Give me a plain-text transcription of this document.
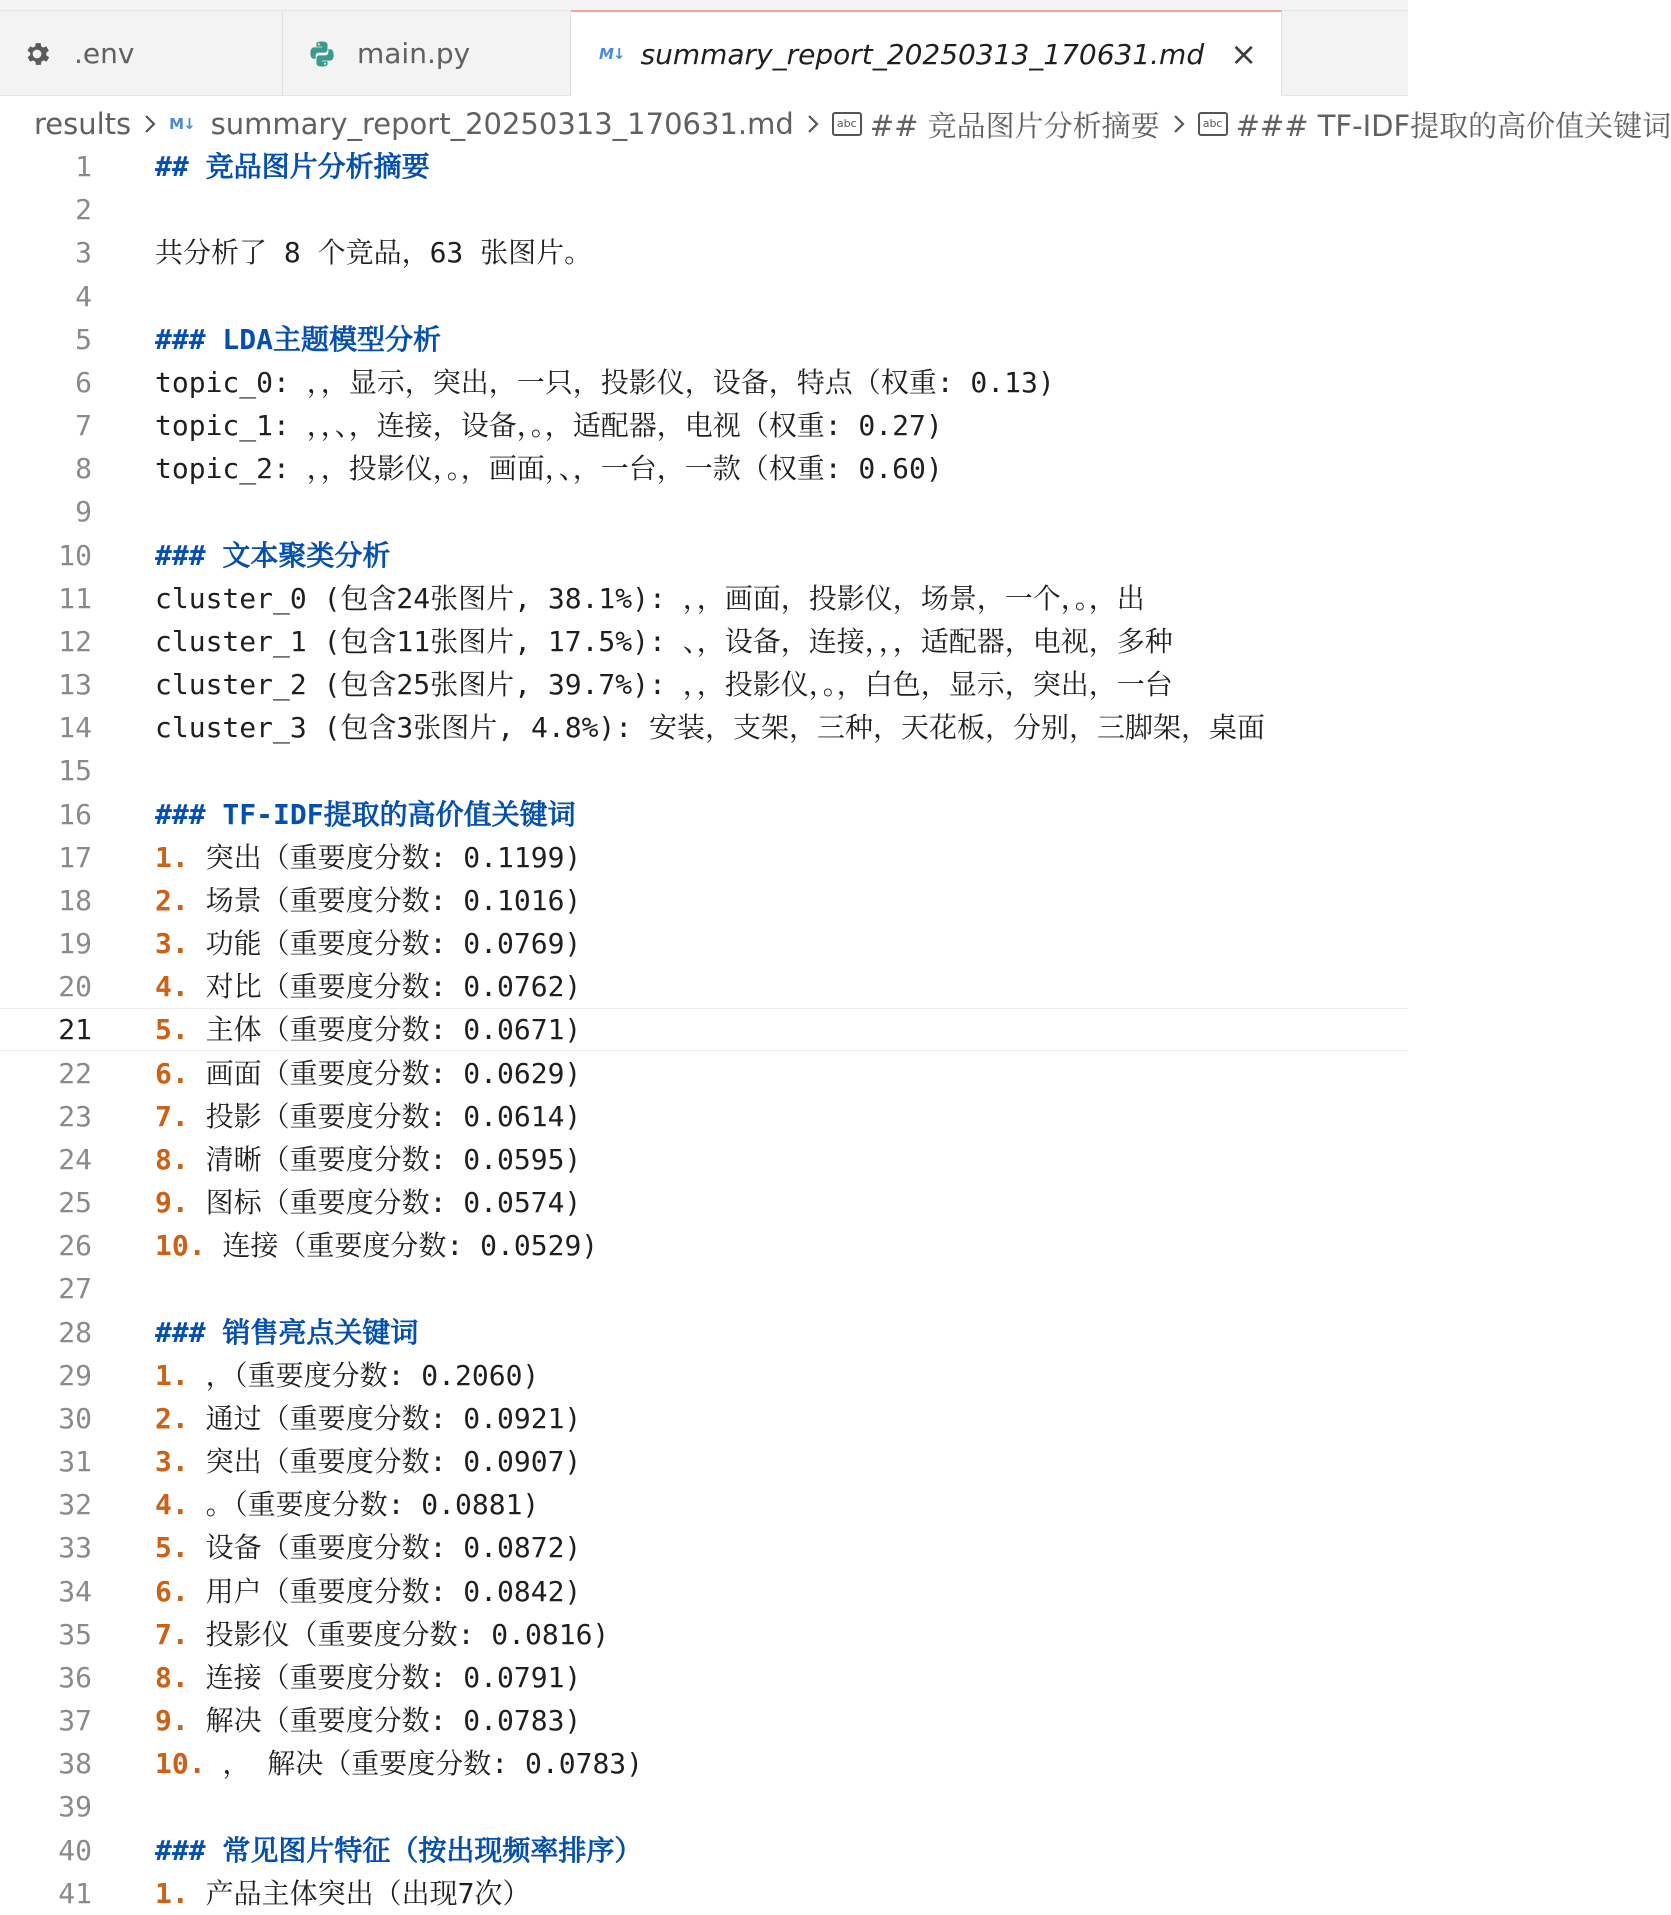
.env	main.py	M↓ summary_report_20250313_170631.md ×
results	M↓ summary_report_20250313_170631.md	abc ## 竞品图片分析摘要	abc ### TF-IDF提取的高价值关键词
1 ## 竞品图片分析摘要
2
3 共分析了 8 个竞品，63 张图片。
4
5 ### LDA主题模型分析
6 topic_0: ，，显示，突出，一只，投影仪，设备，特点（权重: 0.13)
7 topic_1: ，，、，连接，设备，。，适配器，电视（权重: 0.27)
8 topic_2: ，，投影仪，。，画面，、，一台，一款（权重: 0.60)
9
10 ### 文本聚类分析
11 cluster_0 (包含24张图片, 38.1%): ，，画面，投影仪，场景，一个，。，出
12 cluster_1 (包含11张图片, 17.5%): 、，设备，连接，，，适配器，电视，多种
13 cluster_2 (包含25张图片, 39.7%): ，，投影仪，。，白色，显示，突出，一台
14 cluster_3 (包含3张图片, 4.8%): 安装，支架，三种，天花板，分别，三脚架，桌面
15
16 ### TF-IDF提取的高价值关键词
17 1. 突出（重要度分数: 0.1199)
18 2. 场景（重要度分数: 0.1016)
19 3. 功能（重要度分数: 0.0769)
20 4. 对比（重要度分数: 0.0762)
21 5. 主体（重要度分数: 0.0671)
22 6. 画面（重要度分数: 0.0629)
23 7. 投影（重要度分数: 0.0614)
24 8. 清晰（重要度分数: 0.0595)
25 9. 图标（重要度分数: 0.0574)
26 10. 连接（重要度分数: 0.0529)
27
28 ### 销售亮点关键词
29 1. ，（重要度分数: 0.2060)
30 2. 通过（重要度分数: 0.0921)
31 3. 突出（重要度分数: 0.0907)
32 4. 。（重要度分数: 0.0881)
33 5. 设备（重要度分数: 0.0872)
34 6. 用户（重要度分数: 0.0842)
35 7. 投影仪（重要度分数: 0.0816)
36 8. 连接（重要度分数: 0.0791)
37 9. 解决（重要度分数: 0.0783)
38 10. ， 解决（重要度分数: 0.0783)
39
40 ### 常见图片特征（按出现频率排序）
41 1. 产品主体突出（出现7次）
